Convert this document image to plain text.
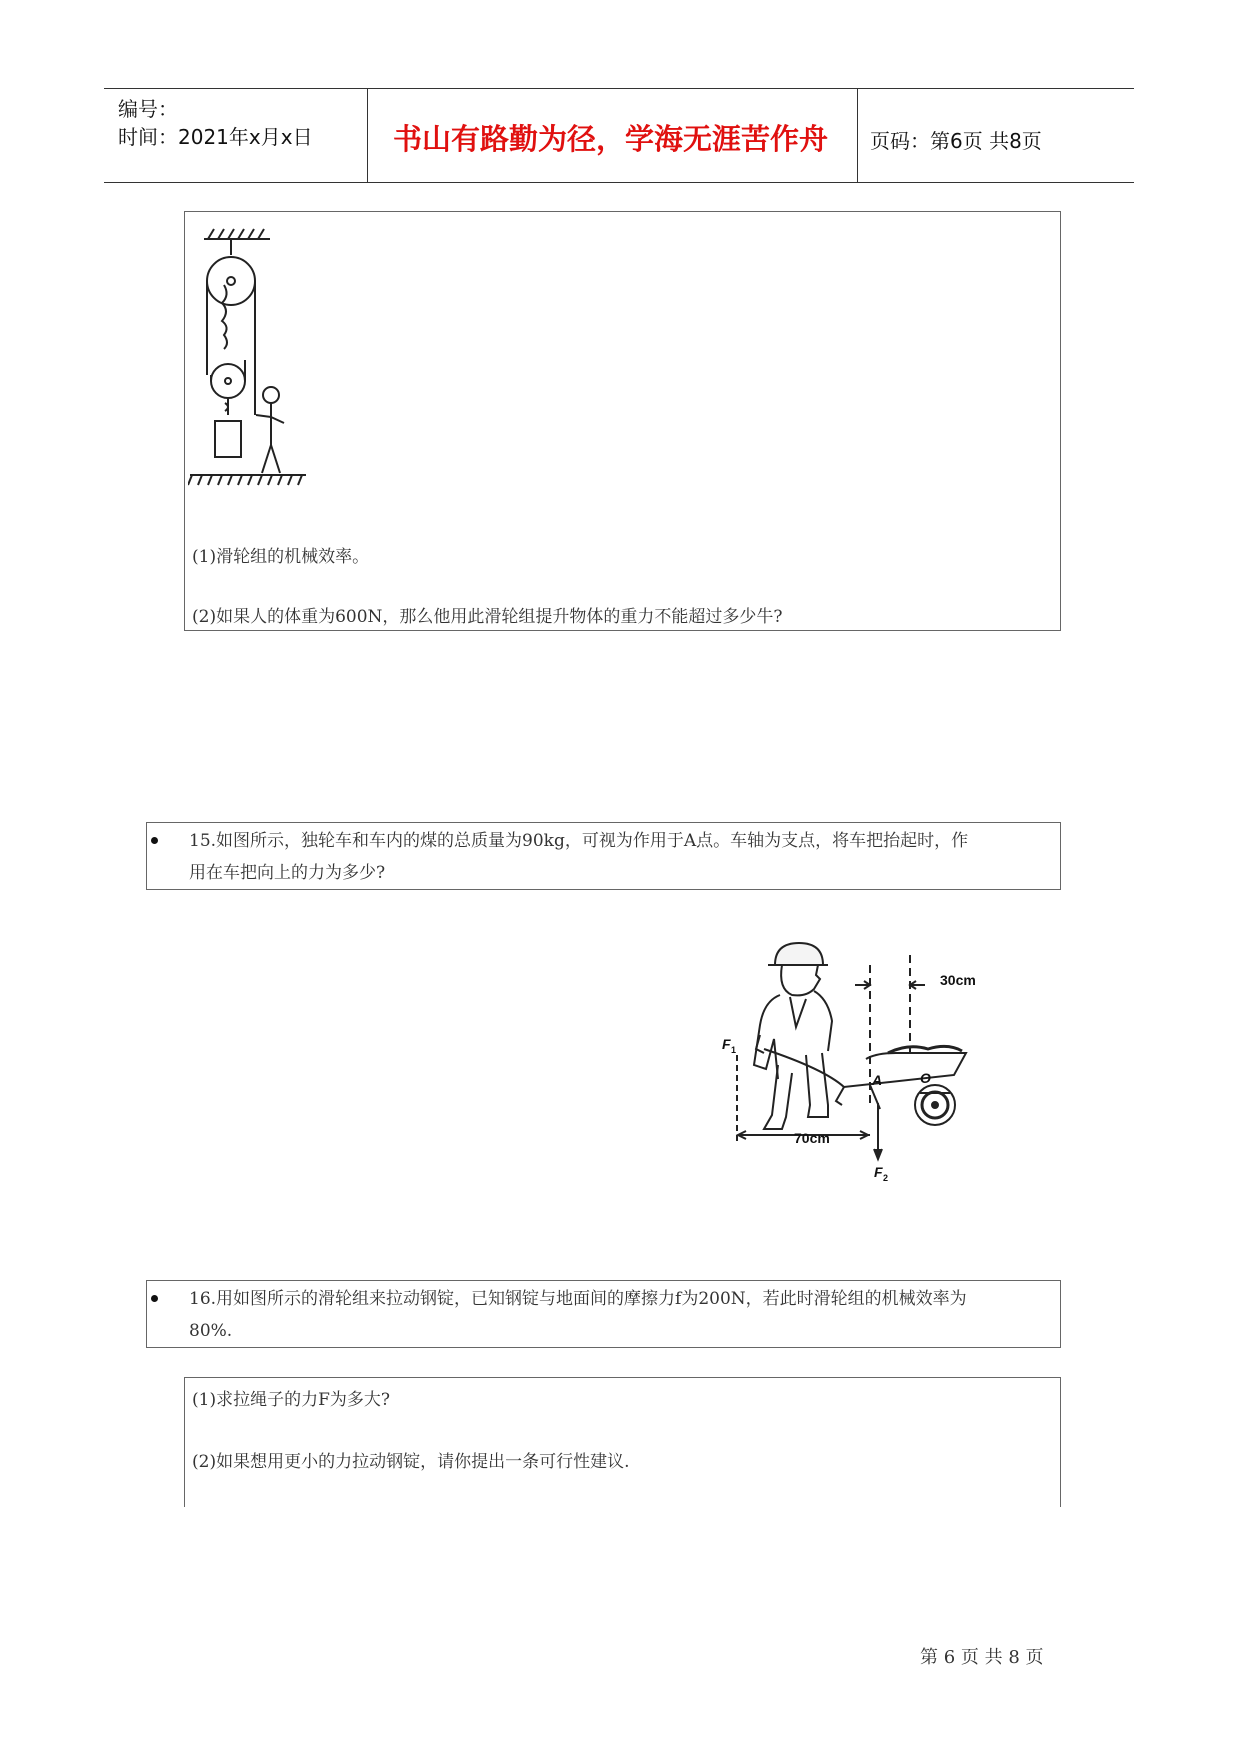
编号：
时间：2021年x月x日	书山有路勤为径，学海无涯苦作舟 页码：第6页 共8页
(1)滑轮组的机械效率。
(2)如果人的体重为600N，那么他用此滑轮组提升物体的重力不能超过多少牛?
15.如图所示，独轮车和车内的煤的总质量为90kg，可视为作用于A点。车轴为支点，将车把抬起时，作
用在车把向上的力为多少?
30cm
70cm
A	O
F 1
F 2
16.用如图所示的滑轮组来拉动钢锭，已知钢锭与地面间的摩擦力f为200N，若此时滑轮组的机械效率为
80%.
(1)求拉绳子的力F为多大?
(2)如果想用更小的力拉动钢锭，请你提出一条可行性建议.
第 6 页 共 8 页
